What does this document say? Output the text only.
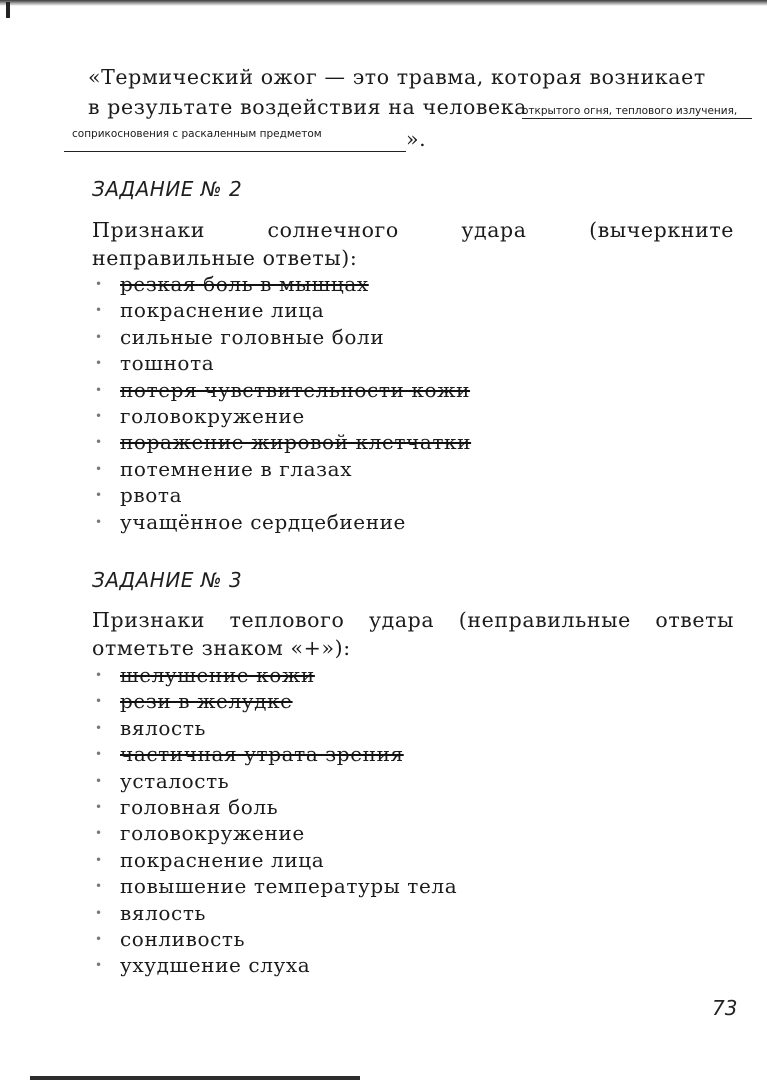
«Термический ожог — это травма, которая возникает
в результате воздействия на человека
открытого огня, теплового излучения,
соприкосновения с раскаленным предметом	».
ЗАДАНИЕ № 2
Признаки солнечного удара (вычеркните неправильные ответы):
• резкая боль в мышцах
• покраснение лица
• сильные головные боли
• тошнота
• потеря чувствительности кожи
• головокружение
• поражение жировой клетчатки
• потемнение в глазах
• рвота
• учащённое сердцебиение
ЗАДАНИЕ № 3
Признаки теплового удара (неправильные ответы отметьте знаком «+»):
• шелушение кожи
• рези в желудке
• вялость
• частичная утрата зрения
• усталость
• головная боль
• головокружение
• покраснение лица
• повышение температуры тела
• вялость
• сонливость
• ухудшение слуха
73
